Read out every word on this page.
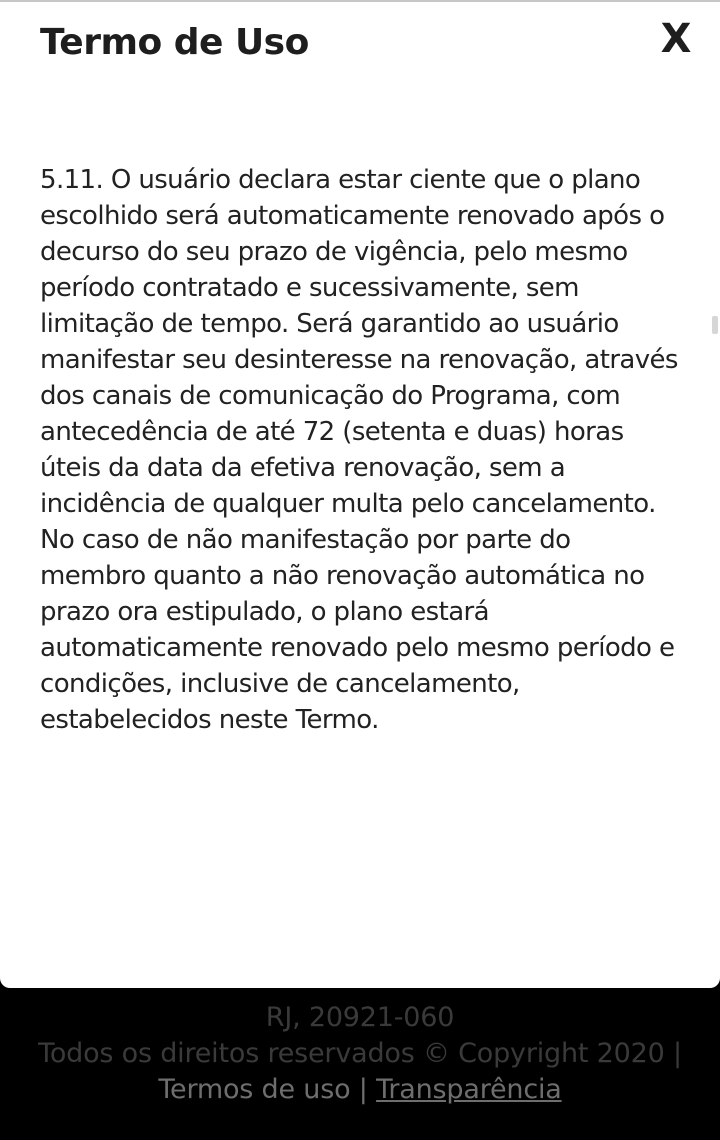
RJ, 20921-060
Todos os direitos reservados © Copyright 2020 |
Termos de uso | Transparência
Termo de Uso	X
5.11. O usuário declara estar ciente que o plano escolhido será automaticamente renovado após o decurso do seu prazo de vigência, pelo mesmo período contratado e sucessivamente, sem limitação de tempo. Será garantido ao usuário manifestar seu desinteresse na renovação, através dos canais de comunicação do Programa, com antecedência de até 72 (setenta e duas) horas úteis da data da efetiva renovação, sem a incidência de qualquer multa pelo cancelamento. No caso de não manifestação por parte do membro quanto a não renovação automática no prazo ora estipulado, o plano estará automaticamente renovado pelo mesmo período e condições, inclusive de cancelamento, estabelecidos neste Termo.
